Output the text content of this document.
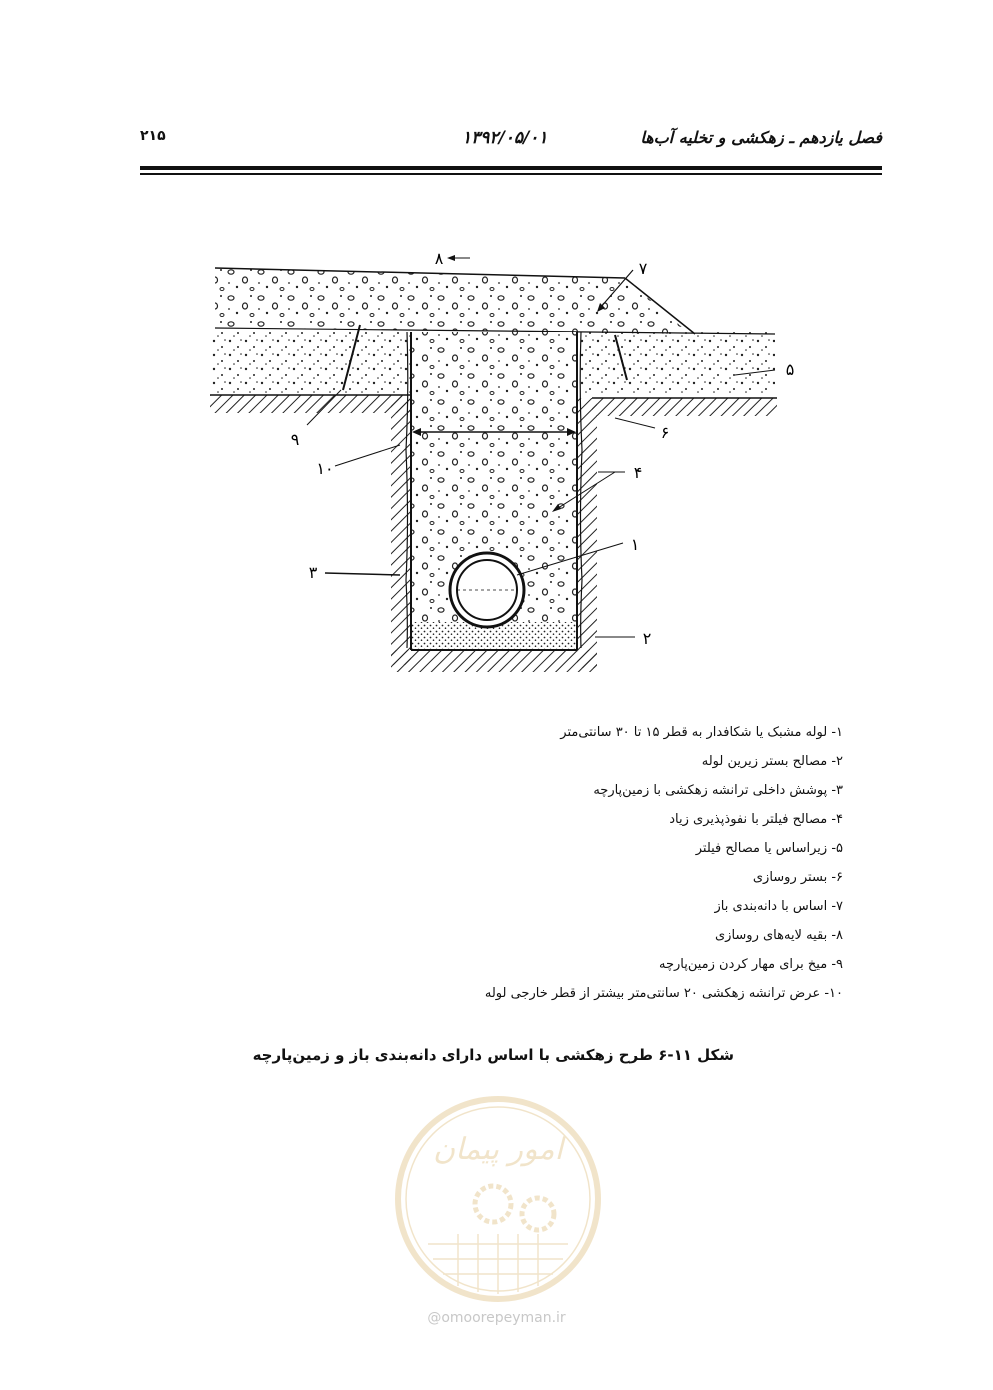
فصل یازدهم ـ زهکشی و تخلیه آب‌ها
۱۳۹۲/۰۵/۰۱
۲۱۵
۸
۷
۵
۶
۹
۱۰	۴
۱
۳
۲
۱- لوله مشبک یا شکافدار به قطر ۱۵ تا ۳۰ سانتی‌متر
۲- مصالح بستر زیرین لوله
۳- پوشش داخلی ترانشه زهکشی با زمین‌پارچه
۴- مصالح فیلتر با نفوذپذیری زیاد
۵- زیراساس یا مصالح فیلتر
۶- بستر روسازی
۷- اساس با دانه‌بندی باز
۸- بقیه لایه‌های روسازی
۹- میخ برای مهار کردن زمین‌پارچه
۱۰- عرض ترانشه زهکشی ۲۰ سانتی‌متر بیشتر از قطر خارجی لوله
شکل ۱۱-۶ طرح زهکشی با اساس دارای دانه‌بندی باز و زمین‌پارچه
امور پیمان
@omoorepeyman.ir
